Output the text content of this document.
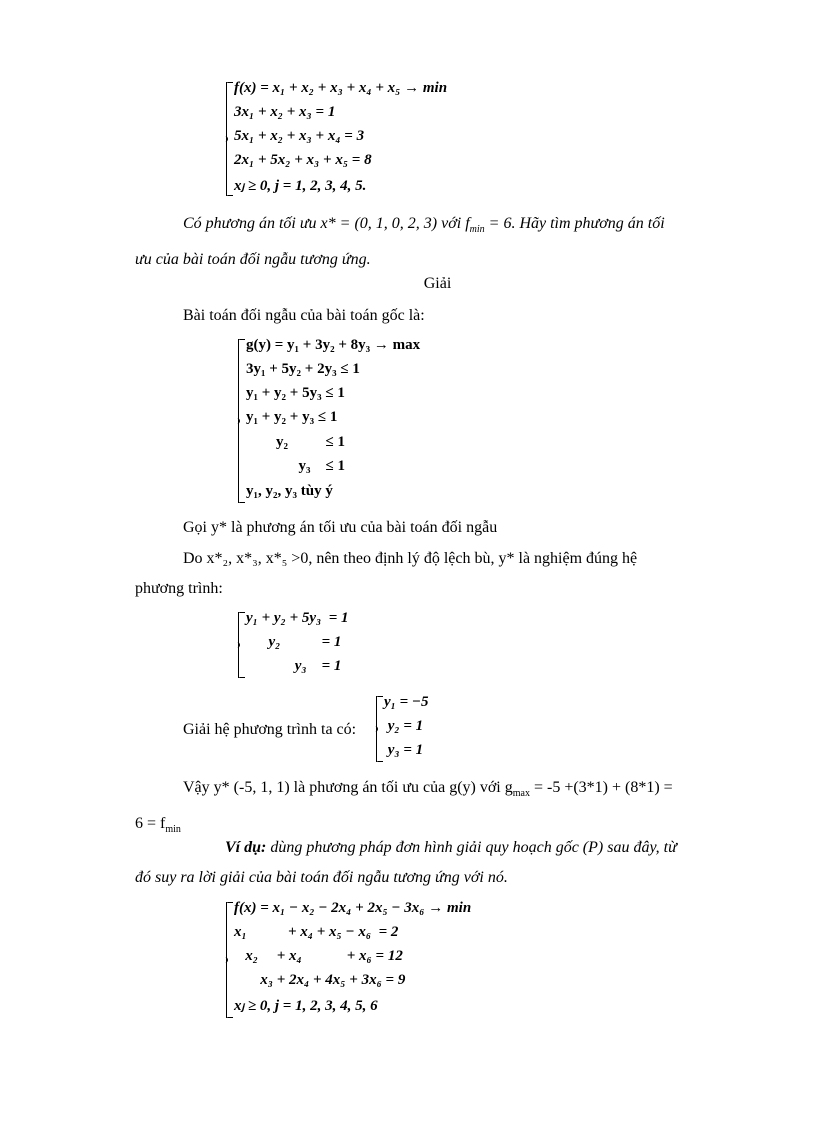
f(x) = x₁ + x₂ + x₃ + x₄ + x₅ → min
3x₁ + x₂ + x₃ = 1
5x₁ + x₂ + x₃ + x₄ = 3
2x₁ + 5x₂ + x₃ + x₅ = 8
xⱼ ≥ 0, j = 1, 2, 3, 4, 5.
Có phương án tối ưu x* = (0, 1, 0, 2, 3) với $f_{min} = 6$. Hãy tìm phương án tối
ưu của bài toán đối ngẫu tương ứng.
Giải
Bài toán đối ngẫu của bài toán gốc là:
g(y) = y₁ + 3y₂ + 8y₃ → max
3y₁ + 5y₂ + 2y₃ ≤ 1
y₁ + y₂ + 5y₃ ≤ 1
y₁ + y₂ + y₃ ≤ 1
y₂          ≤ 1
y₃    ≤ 1
y₁, y₂, y₃ tùy ý
Gọi y* là phương án tối ưu của bài toán đối ngẫu
Do x*₂, x*₃, x*₅ >0, nên theo định lý độ lệch bù, y* là nghiệm đúng hệ
phương trình:
y₁ + y₂ + 5y₃  = 1
y₂           = 1
y₃    = 1
Giải hệ phương trình ta có:
y₁ = −5
y₂ = 1
y₃ = 1
Vậy y* (-5, 1, 1) là phương án tối ưu của g(y) với $g_{max} = -5 +(3*1) + (8*1)$ =
$6 = f_{min}$
Ví dụ: dùng phương pháp đơn hình giải quy hoạch gốc (P) sau đây, từ
đó suy ra lời giải của bài toán đối ngẫu tương ứng với nó.
f(x) = x₁ − x₂ − 2x₄ + 2x₅ − 3x₆ → min
x₁           + x₄ + x₅ − x₆  = 2
x₂     + x₄            + x₆ = 12
x₃ + 2x₄ + 4x₅ + 3x₆ = 9
xⱼ ≥ 0, j = 1, 2, 3, 4, 5, 6
